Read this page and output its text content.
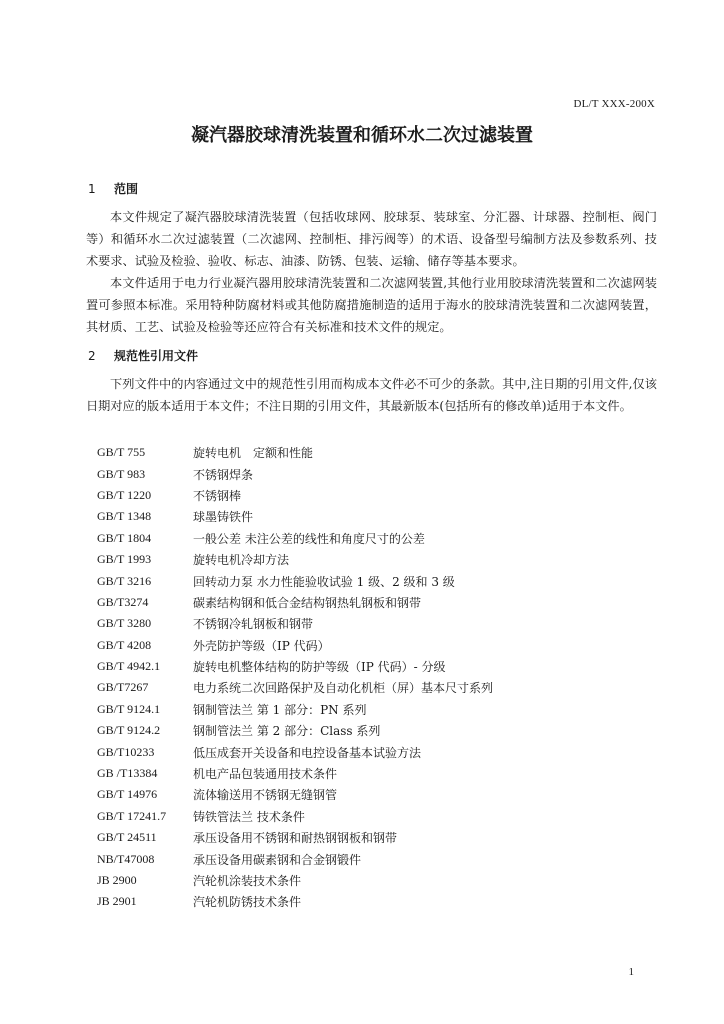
DL/T XXX-200X
凝汽器胶球清洗装置和循环水二次过滤装置
1 范围

本文件规定了凝汽器胶球清洗装置（包括收球网、胶球泵、装球室、分汇器、计球器、控制柜、阀门等）和循环水二次过滤装置（二次滤网、控制柜、排污阀等）的术语、设备型号编制方法及参数系列、技术要求、试验及检验、验收、标志、油漆、防锈、包装、运输、储存等基本要求。

本文件适用于电力行业凝汽器用胶球清洗装置和二次滤网装置,其他行业用胶球清洗装置和二次滤网装置可参照本标准。采用特种防腐材料或其他防腐措施制造的适用于海水的胶球清洗装置和二次滤网装置，其材质、工艺、试验及检验等还应符合有关标准和技术文件的规定。

2 规范性引用文件

下列文件中的内容通过文中的规范性引用而构成本文件必不可少的条款。其中,注日期的引用文件,仅该日期对应的版本适用于本文件；不注日期的引用文件，其最新版本(包括所有的修改单)适用于本文件。

GB/T 755	旋转电机　定额和性能
GB/T 983	不锈钢焊条
GB/T 1220	不锈钢棒
GB/T 1348	球墨铸铁件
GB/T 1804	一般公差 未注公差的线性和角度尺寸的公差
GB/T 1993	旋转电机冷却方法
GB/T 3216	回转动力泵 水力性能验收试验 1 级、2 级和 3 级
GB/T3274	碳素结构钢和低合金结构钢热轧钢板和钢带
GB/T 3280	不锈钢冷轧钢板和钢带
GB/T 4208	外壳防护等级（IP 代码）
GB/T 4942.1	旋转电机整体结构的防护等级（IP 代码）- 分级
GB/T7267	电力系统二次回路保护及自动化机柜（屏）基本尺寸系列
GB/T 9124.1	钢制管法兰 第 1 部分：PN 系列
GB/T 9124.2	钢制管法兰 第 2 部分：Class 系列
GB/T10233	低压成套开关设备和电控设备基本试验方法
GB /T13384	机电产品包装通用技术条件
GB/T 14976	流体输送用不锈钢无缝钢管
GB/T 17241.7	铸铁管法兰 技术条件
GB/T 24511	承压设备用不锈钢和耐热钢钢板和钢带
NB/T47008	承压设备用碳素钢和合金钢锻件
JB 2900	汽轮机涂装技术条件
JB 2901	汽轮机防锈技术条件
1
